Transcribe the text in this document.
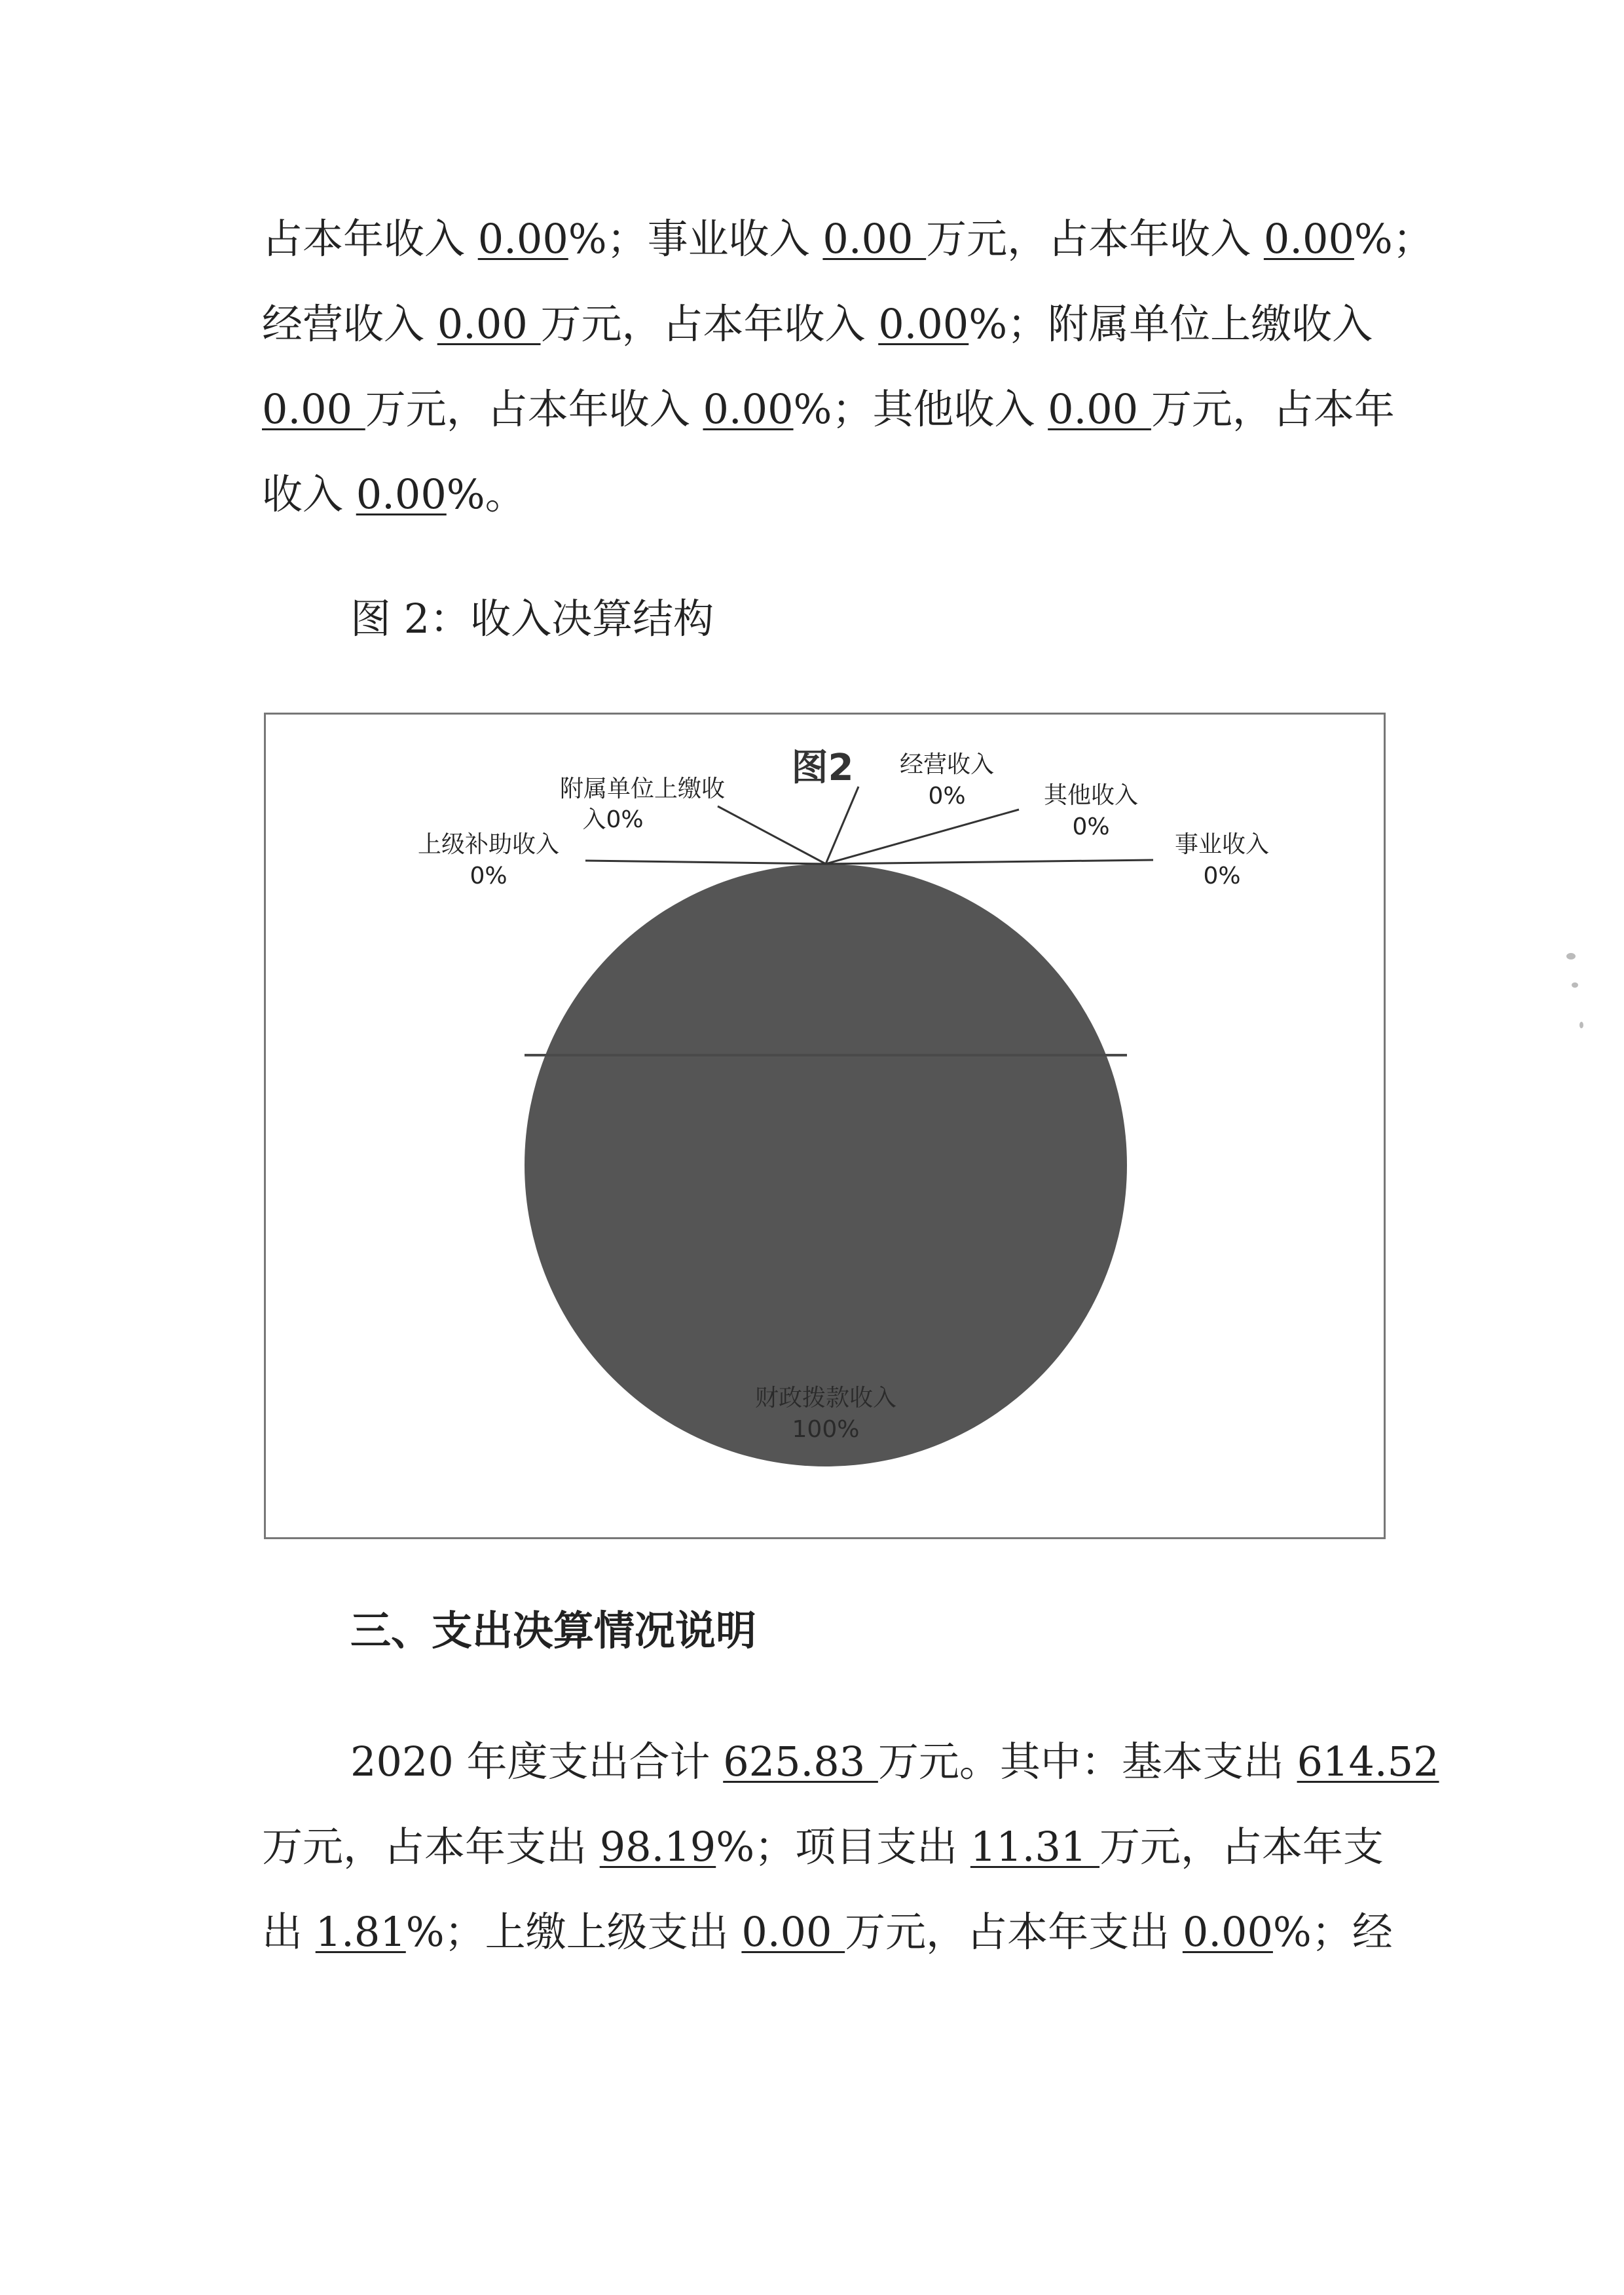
占本年收入 0.00%；事业收入 0.00 万元，占本年收入 0.00%；
经营收入 0.00 万元，占本年收入 0.00%；附属单位上缴收入
0.00 万元，占本年收入 0.00%；其他收入 0.00 万元，占本年
收入 0.00%。
图 2：收入决算结构
图2
附属单位上缴收
入0%
上级补助收入
0%
经营收入
0%	其他收入
0%
事业收入
0%
财政拨款收入
100%
三、支出决算情况说明
2020 年度支出合计 625.83 万元。其中：基本支出 614.52
万元，占本年支出 98.19%；项目支出 11.31 万元，占本年支
出 1.81%；上缴上级支出 0.00 万元，占本年支出 0.00%；经
